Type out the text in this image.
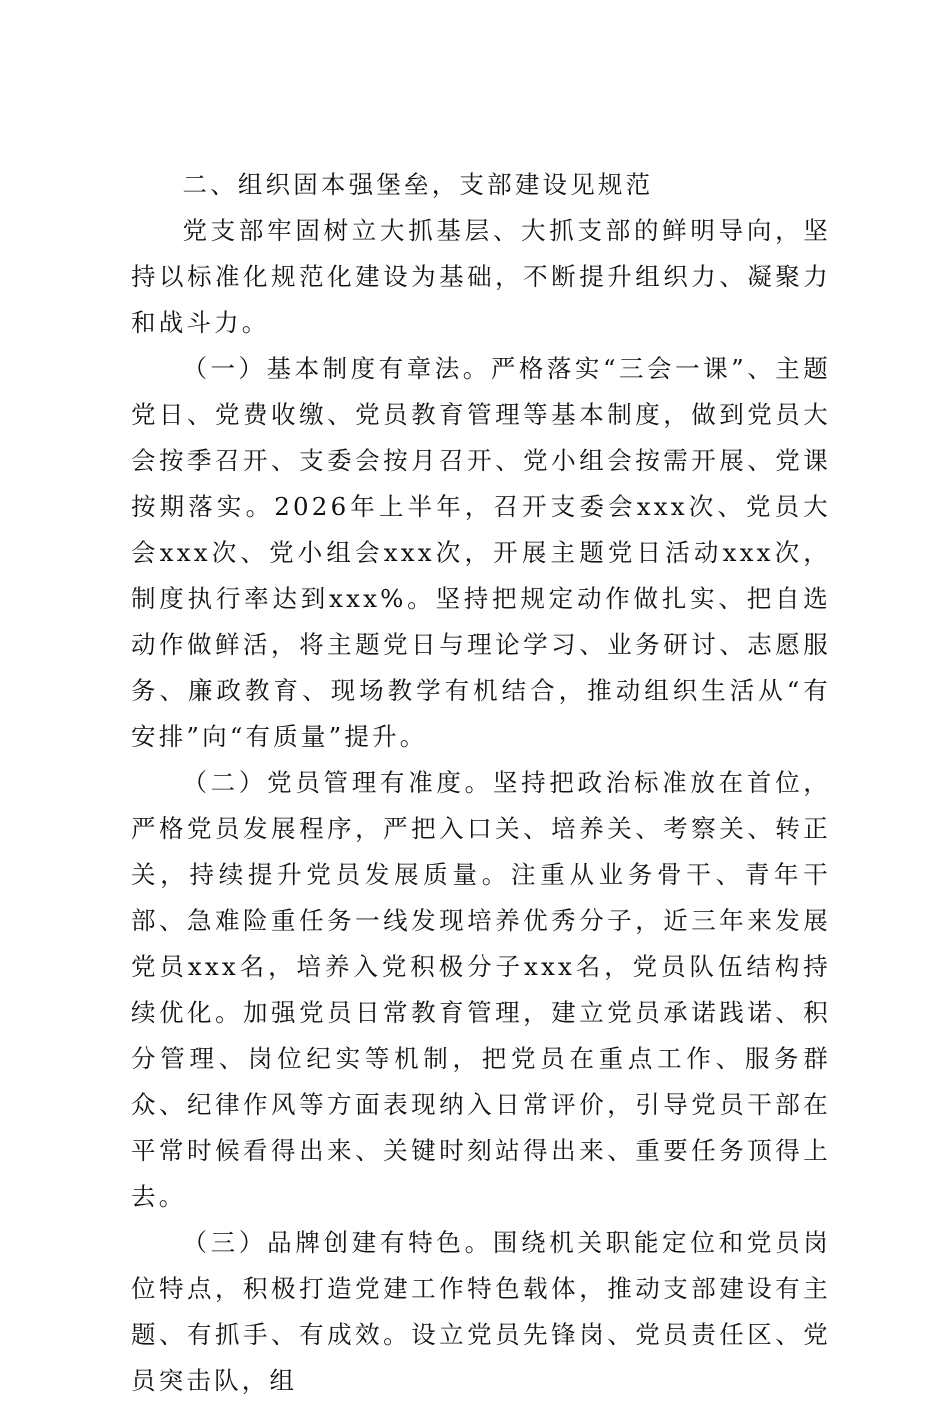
二、组织固本强堡垒，支部建设见规范

党支部牢固树立大抓基层、大抓支部的鲜明导向，坚持以标准化规范化建设为基础，不断提升组织力、凝聚力和战斗力。

（一）基本制度有章法。严格落实“三会一课”、主题党日、党费收缴、党员教育管理等基本制度，做到党员大会按季召开、支委会按月召开、党小组会按需开展、党课按期落实。2026年上半年，召开支委会xxx次、党员大会xxx次、党小组会xxx次，开展主题党日活动xxx次，制度执行率达到xxx%。坚持把规定动作做扎实、把自选动作做鲜活，将主题党日与理论学习、业务研讨、志愿服务、廉政教育、现场教学有机结合，推动组织生活从“有安排”向“有质量”提升。

（二）党员管理有准度。坚持把政治标准放在首位，严格党员发展程序，严把入口关、培养关、考察关、转正关，持续提升党员发展质量。注重从业务骨干、青年干部、急难险重任务一线发现培养优秀分子，近三年来发展党员xxx名，培养入党积极分子xxx名，党员队伍结构持续优化。加强党员日常教育管理，建立党员承诺践诺、积分管理、岗位纪实等机制，把党员在重点工作、服务群众、纪律作风等方面表现纳入日常评价，引导党员干部在平常时候看得出来、关键时刻站得出来、重要任务顶得上去。

（三）品牌创建有特色。围绕机关职能定位和党员岗位特点，积极打造党建工作特色载体，推动支部建设有主题、有抓手、有成效。设立党员先锋岗、党员责任区、党员突击队，组
